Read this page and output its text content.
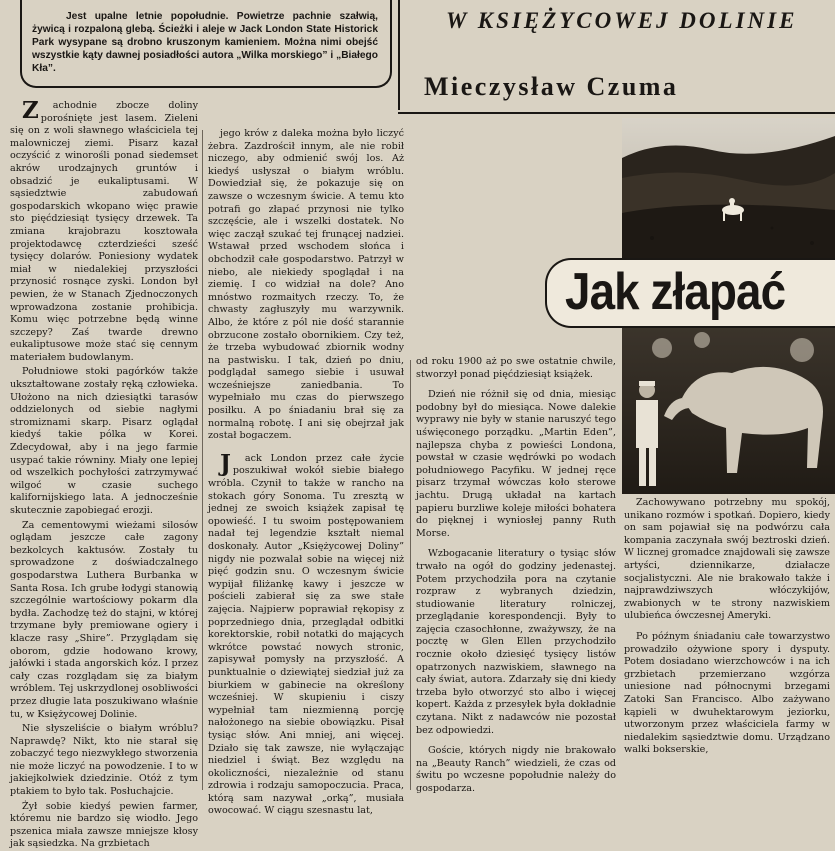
Jest upalne letnie popołudnie. Powietrze pachnie szałwią, żywicą i rozpaloną glebą. Ścieżki i aleje w Jack London State Historick Park wysypane są drobno kruszonym kamieniem. Można nimi obejść wszystkie kąty dawnej posiadłości autora „Wilka morskiego” i „Białego Kła”.

W KSIĘŻYCOWEJ DOLINIE
Mieczysław Czuma

Zachodnie zbocze doliny porośnięte jest lasem. Zieleni się on z woli sławnego właściciela tej malowniczej ziemi. Pisarz kazał oczyścić z winorośli ponad siedemset akrów urodzajnych gruntów i obsadzić je eukaliptusami. W sąsiedztwie zabudowań gospodarskich wkopano więc prawie sto pięćdziesiąt tysięcy drzewek. Ta zmiana krajobrazu kosztowała projektodawcę czterdzieści sześć tysięcy dolarów. Poniesiony wydatek miał w niedalekiej przyszłości przynosić rosnące zyski. London był pewien, że w Stanach Zjednoczonych wprowadzona zostanie prohibicja. Komu więc potrzebne będą winne szczepy? Zaś twarde drewno eukaliptusowe może stać się cennym materiałem budowlanym.

Południowe stoki pagórków także ukształtowane zostały ręką człowieka. Ułożono na nich dziesiątki tarasów oddzielonych od siebie nagłymi stromiznami skarp. Pisarz oglądał kiedyś takie pólka w Korei. Zdecydował, aby i na jego farmie usypać takie równiny. Miały one lepiej od wszelkich pochyłości zatrzymywać wilgoć w czasie suchego kalifornijskiego lata. A jednocześnie skutecznie zapobiegać erozji.

Za cementowymi wieżami silosów oglądam jeszcze całe zagony bezkolcych kaktusów. Zostały tu sprowadzone z doświadczalnego gospodarstwa Luthera Burbanka w Santa Rosa. Ich grube łodygi stanowią szczególnie wartościowy pokarm dla bydła. Zachodzę też do stajni, w której trzymane były premiowane ogiery i klacze rasy „Shire”. Przyglądam się oborom, gdzie hodowano krowy, jałówki i stada angorskich kóz. I przez cały czas rozglądam się za białym wróblem. Tej uskrzydlonej osobliwości przez długie lata poszukiwano właśnie tu, w Księżycowej Dolinie.

Nie słyszeliście o białym wróblu? Naprawdę? Nikt, kto nie starał się zobaczyć tego niezwykłego stworzenia nie może liczyć na powodzenie. I to w jakiejkolwiek dziedzinie. Otóż z tym ptakiem to było tak. Posłuchajcie.

Żył sobie kiedyś pewien farmer, któremu nie bardzo się wiodło. Jego pszenica miała zawsze mniejsze kłosy jak sąsiedzka. Na grzbietach

jego krów z daleka można było liczyć żebra. Zazdrościł innym, ale nie robił niczego, aby odmienić swój los. Aż kiedyś usłyszał o białym wróblu. Dowiedział się, że pokazuje się on zawsze o wczesnym świcie. A temu kto potrafi go złapać przynosi nie tylko szczęście, ale i wszelki dostatek. No więc zaczął szukać tej frunącej nadziei. Wstawał przed wschodem słońca i obchodził całe gospodarstwo. Patrzył w niebo, ale niekiedy spoglądał i na ziemię. I co widział na dole? Ano mnóstwo rozmaitych rzeczy. To, że chwasty zagłuszyły mu warzywnik. Albo, że które z pól nie dość starannie obrzucone zostało obornikiem. Czy też, że trzeba wybudować zbiornik wodny na pastwisku. I tak, dzień po dniu, podglądał samego siebie i usuwał wcześniejsze zaniedbania. To wypełniało mu czas do pierwszego posiłku. A po śniadaniu brał się za normalną robotę. I ani się obejrzał jak został bogaczem.

Jack London przez całe życie poszukiwał wokół siebie białego wróbla. Czynił to także w rancho na stokach góry Sonoma. Tu zresztą w jednej ze swoich książek zapisał tę opowieść. I tu swoim postępowaniem nadał tej legendzie kształt niemal doskonały. Autor „Księżycowej Doliny” nigdy nie pozwalał sobie na więcej niż pięć godzin snu. O wczesnym świcie wypijał filiżankę kawy i jeszcze w pościeli zabierał się za swe stałe zajęcia. Najpierw poprawiał rękopisy z poprzedniego dnia, przeglądał odbitki korektorskie, robił notatki do mających wkrótce powstać nowych stronic, zapisywał pomysły na przyszłość. A punktualnie o dziewiątej siedział już za biurkiem w gabinecie na określony wcześniej. W skupieniu i ciszy wypełniał tam niezmienną porcję nałożonego na siebie obowiązku. Pisał tysiąc słów. Ani mniej, ani więcej. Działo się tak zawsze, nie wyłączając niedziel i świąt. Bez względu na okoliczności, niezależnie od stanu zdrowia i rodzaju samopoczucia. Praca, którą sam nazywał „orką”, musiała owocować. W ciągu szesnastu lat,

od roku 1900 aż po swe ostatnie chwile, stworzył ponad pięćdziesiąt książek.

Dzień nie różnił się od dnia, miesiąc podobny był do miesiąca. Nowe dalekie wyprawy nie były w stanie naruszyć tego uświęconego porządku. „Martin Eden”, najlepsza chyba z powieści Londona, powstał w czasie wędrówki po wodach południowego Pacyfiku. W jednej ręce pisarz trzymał wówczas koło sterowe jachtu. Drugą układał na kartach papieru burzliwe koleje miłości bohatera do pięknej i wyniosłej panny Ruth Morse.

Wzbogacanie literatury o tysiąc słów trwało na ogół do godziny jedenastej. Potem przychodziła pora na czytanie rozpraw z wybranych dziedzin, studiowanie literatury rolniczej, przeglądanie korespondencji. Były to zajęcia czasochłonne, zważywszy, że na pocztę w Glen Ellen przychodziło rocznie około dziesięć tysięcy listów opatrzonych nazwiskiem, sławnego na cały świat, autora. Zdarzały się dni kiedy trzeba było otworzyć sto albo i więcej kopert. Każda z przesyłek była dokładnie czytana. Nikt z nadawców nie pozostał bez odpowiedzi.

Goście, których nigdy nie brakowało na „Beauty Ranch” wiedzieli, że czas od świtu po wczesne popołudnie należy do gospodarza.

Zachowywano potrzebny mu spokój, unikano rozmów i spotkań. Dopiero, kiedy on sam pojawiał się na podwórzu cała kompania zaczynała swój beztroski dzień. W licznej gromadce znajdowali się zawsze artyści, dziennikarze, działacze socjalistyczni. Ale nie brakowało także i najprawdziwszych włóczykijów, zwabionych w te strony nazwiskiem ulubieńca ówczesnej Ameryki.

Po późnym śniadaniu całe towarzystwo prowadziło ożywione spory i dysputy. Potem dosiadano wierzchowców i na ich grzbietach przemierzano wzgórza uniesione nad północnymi brzegami Zatoki San Francisco. Albo zażywano kąpieli w dwuhektarowym jeziorku, utworzonym przez właściciela farmy w niedalekim sąsiedztwie domu. Urządzano walki bokserskie,

Jak złapać
